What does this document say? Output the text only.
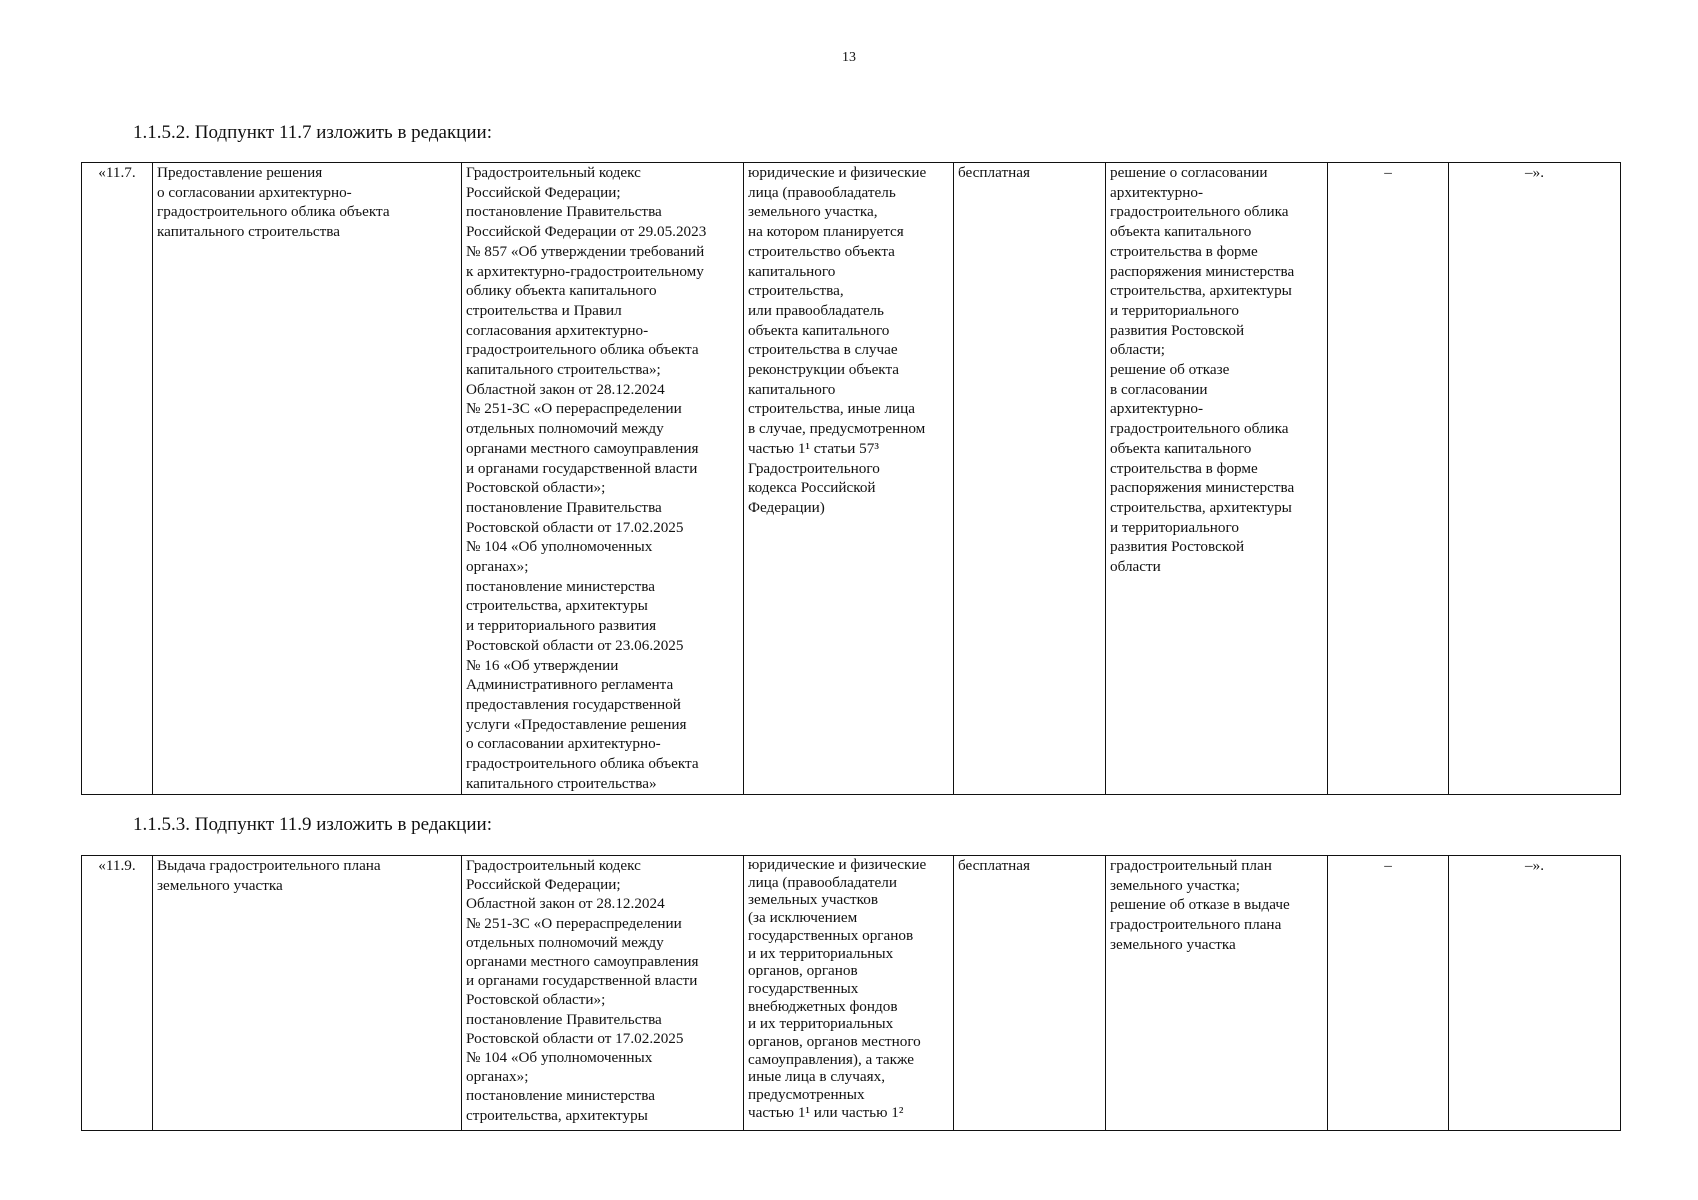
13
1.1.5.2. Подпункт 11.7 изложить в редакции:
«11.7.	Предоставление решения
о согласовании архитектурно-
градостроительного облика объекта
капитального строительства	Градостроительный кодекс
Российской Федерации;
постановление Правительства
Российской Федерации от 29.05.2023
№ 857 «Об утверждении требований
к архитектурно-градостроительному
облику объекта капитального
строительства и Правил
согласования архитектурно-
градостроительного облика объекта
капитального строительства»;
Областной закон от 28.12.2024
№ 251-ЗС «О перераспределении
отдельных полномочий между
органами местного самоуправления
и органами государственной власти
Ростовской области»;
постановление Правительства
Ростовской области от 17.02.2025
№ 104 «Об уполномоченных
органах»;
постановление министерства
строительства, архитектуры
и территориального развития
Ростовской области от 23.06.2025
№ 16 «Об утверждении
Административного регламента
предоставления государственной
услуги «Предоставление решения
о согласовании архитектурно-
градостроительного облика объекта
капитального строительства»	юридические и физические
лица (правообладатель
земельного участка,
на котором планируется
строительство объекта
капитального
строительства,
или правообладатель
объекта капитального
строительства в случае
реконструкции объекта
капитального
строительства, иные лица
в случае, предусмотренном
частью 1¹ статьи 57³
Градостроительного
кодекса Российской
Федерации)	бесплатная	решение о согласовании
архитектурно-
градостроительного облика
объекта капитального
строительства в форме
распоряжения министерства
строительства, архитектуры
и территориального
развития Ростовской
области;
решение об отказе
в согласовании
архитектурно-
градостроительного облика
объекта капитального
строительства в форме
распоряжения министерства
строительства, архитектуры
и территориального
развития Ростовской
области	–	–».
1.1.5.3. Подпункт 11.9 изложить в редакции:
«11.9.	Выдача градостроительного плана
земельного участка	Градостроительный кодекс
Российской Федерации;
Областной закон от 28.12.2024
№ 251-ЗС «О перераспределении
отдельных полномочий между
органами местного самоуправления
и органами государственной власти
Ростовской области»;
постановление Правительства
Ростовской области от 17.02.2025
№ 104 «Об уполномоченных
органах»;
постановление министерства
строительства, архитектуры	юридические и физические
лица (правообладатели
земельных участков
(за исключением
государственных органов
и их территориальных
органов, органов
государственных
внебюджетных фондов
и их территориальных
органов, органов местного
самоуправления), а также
иные лица в случаях,
предусмотренных
частью 1¹ или частью 1²	бесплатная	градостроительный план
земельного участка;
решение об отказе в выдаче
градостроительного плана
земельного участка	–	–».
